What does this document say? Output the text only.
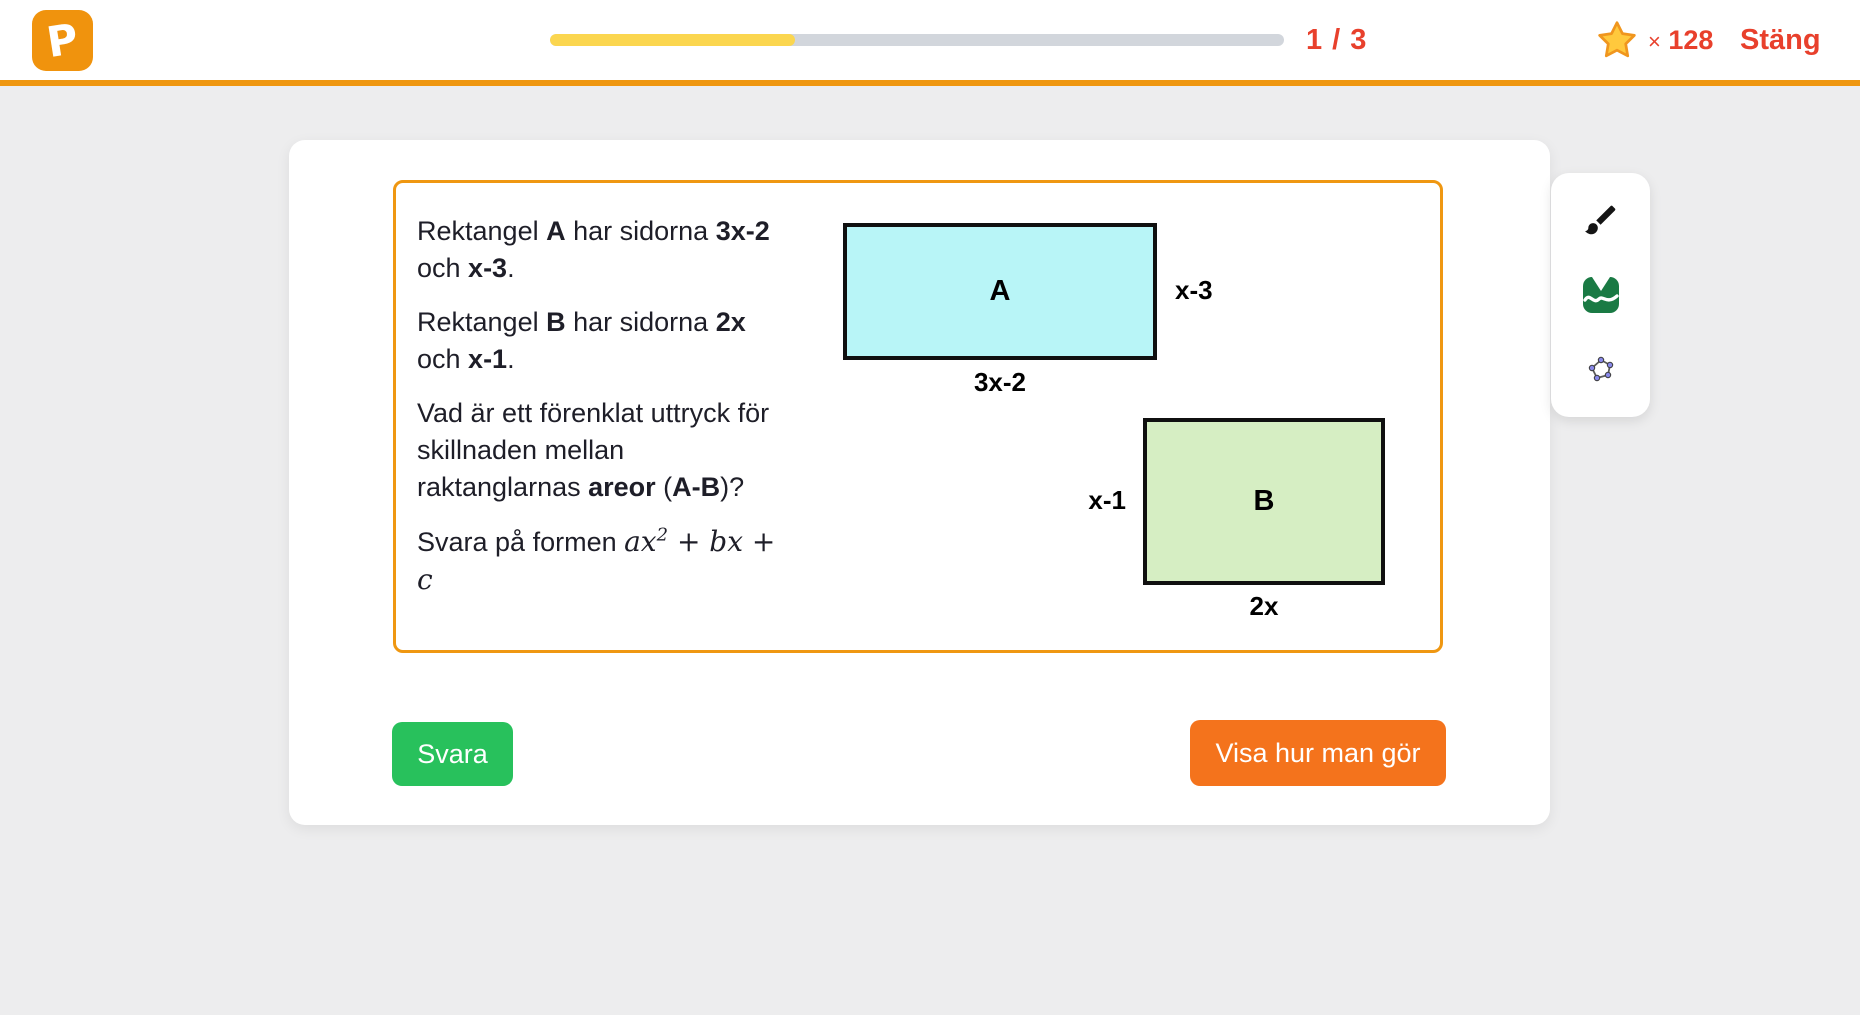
P	1 / 3	× 128 Stäng

Rektangel A har sidorna 3x-2 och x-3.

Rektangel B har sidorna 2x och x-1.

Vad är ett förenklat uttryck för skillnaden mellan raktanglarnas areor (A-B)?

Svara på formen $ax^2$ + bx + c

A	x-3
3x-2
B
x-1
2x
Svara	Visa hur man gör
